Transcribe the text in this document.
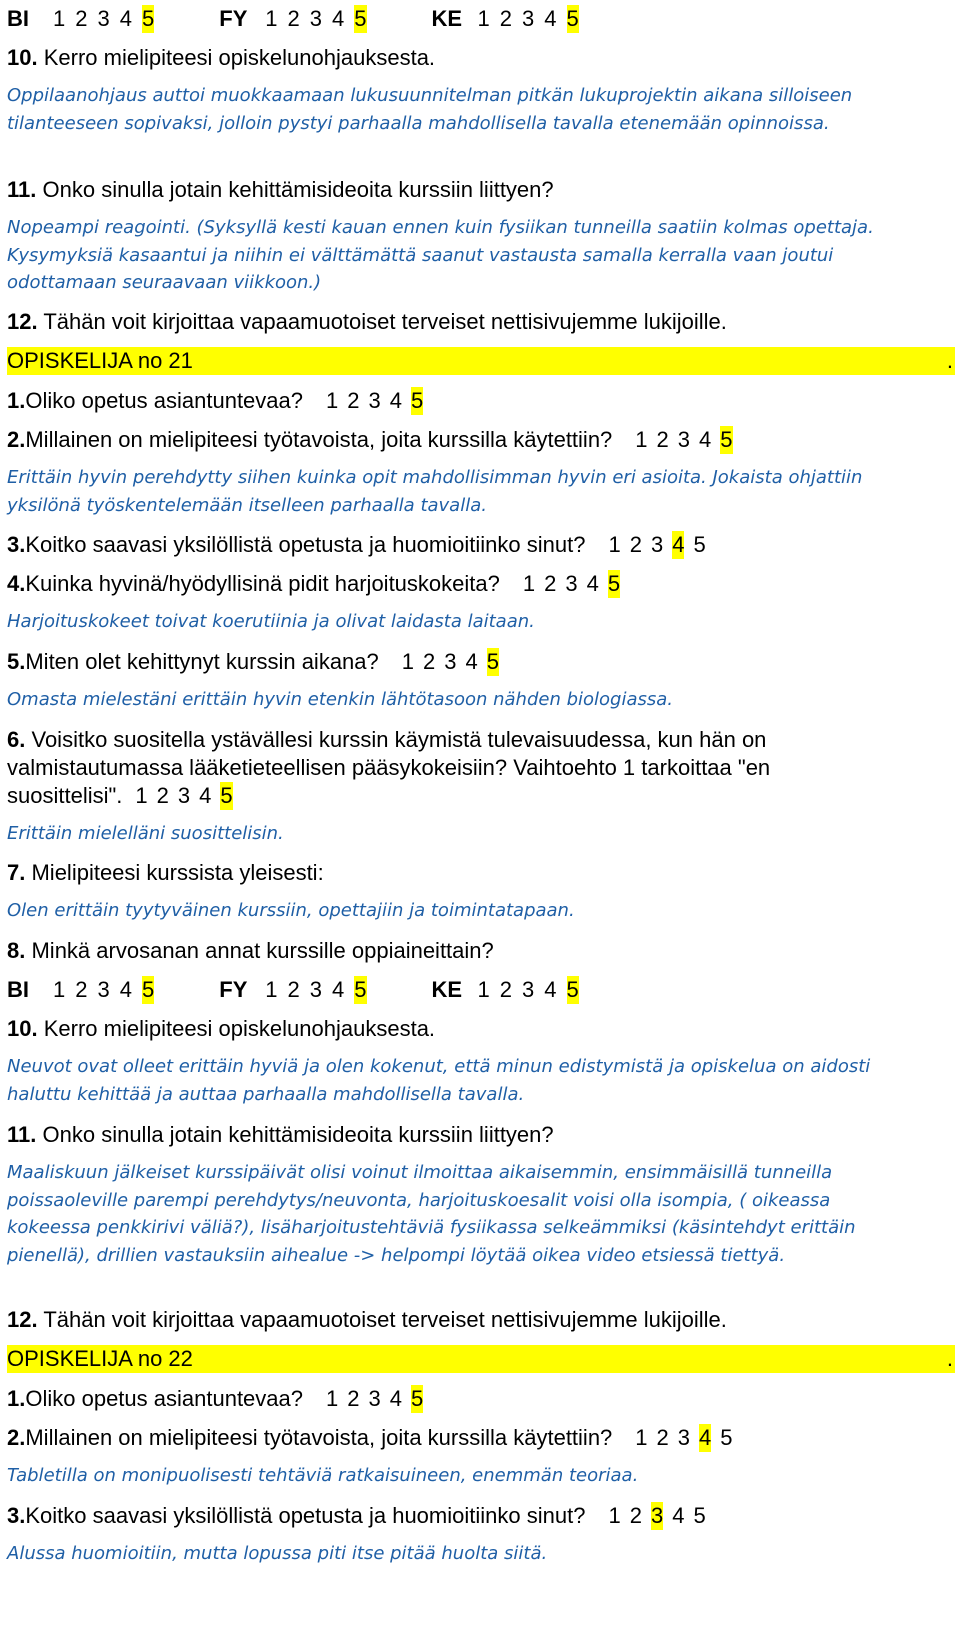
BI 1 2 3 4 5	FY 1 2 3 4 5	KE 1 2 3 4 5
10. Kerro mielipiteesi opiskelunohjauksesta.
Oppilaanohjaus auttoi muokkaamaan lukusuunnitelman pitkän lukuprojektin aikana silloiseen tilanteeseen sopivaksi, jolloin pystyi parhaalla mahdollisella tavalla etenemään opinnoissa.
11. Onko sinulla jotain kehittämisideoita kurssiin liittyen?
Nopeampi reagointi. (Syksyllä kesti kauan ennen kuin fysiikan tunneilla saatiin kolmas opettaja. Kysymyksiä kasaantui ja niihin ei välttämättä saanut vastausta samalla kerralla vaan joutui odottamaan seuraavaan viikkoon.)
12. Tähän voit kirjoittaa vapaamuotoiset terveiset nettisivujemme lukijoille.
OPISKELIJA no 21	.
1.Oliko opetus asiantuntevaa? 1 2 3 4 5
2.Millainen on mielipiteesi työtavoista, joita kurssilla käytettiin? 1 2 3 4 5
Erittäin hyvin perehdytty siihen kuinka opit mahdollisimman hyvin eri asioita. Jokaista ohjattiin yksilönä työskentelemään itselleen parhaalla tavalla.
3.Koitko saavasi yksilöllistä opetusta ja huomioitiinko sinut? 1 2 3 4 5
4.Kuinka hyvinä/hyödyllisinä pidit harjoituskokeita? 1 2 3 4 5
Harjoituskokeet toivat koerutiinia ja olivat laidasta laitaan.
5.Miten olet kehittynyt kurssin aikana? 1 2 3 4 5
Omasta mielestäni erittäin hyvin etenkin lähtötasoon nähden biologiassa.
6. Voisitko suositella ystävällesi kurssin käymistä tulevaisuudessa, kun hän on
valmistautumassa lääketieteellisen pääsykokeisiin? Vaihtoehto 1 tarkoittaa "en
suosittelisi". 1 2 3 4 5
Erittäin mielelläni suosittelisin.
7. Mielipiteesi kurssista yleisesti:
Olen erittäin tyytyväinen kurssiin, opettajiin ja toimintatapaan.
8. Minkä arvosanan annat kurssille oppiaineittain?
BI 1 2 3 4 5	FY 1 2 3 4 5	KE 1 2 3 4 5
10. Kerro mielipiteesi opiskelunohjauksesta.
Neuvot ovat olleet erittäin hyviä ja olen kokenut, että minun edistymistä ja opiskelua on aidosti haluttu kehittää ja auttaa parhaalla mahdollisella tavalla.
11. Onko sinulla jotain kehittämisideoita kurssiin liittyen?
Maaliskuun jälkeiset kurssipäivät olisi voinut ilmoittaa aikaisemmin, ensimmäisillä tunneilla poissaoleville parempi perehdytys/neuvonta, harjoituskoesalit voisi olla isompia, ( oikeassa kokeessa penkkirivi väliä?), lisäharjoitustehtäviä fysiikassa selkeämmiksi (käsintehdyt erittäin pienellä), drillien vastauksiin aihealue -> helpompi löytää oikea video etsiessä tiettyä.
12. Tähän voit kirjoittaa vapaamuotoiset terveiset nettisivujemme lukijoille.
OPISKELIJA no 22	.
1.Oliko opetus asiantuntevaa? 1 2 3 4 5
2.Millainen on mielipiteesi työtavoista, joita kurssilla käytettiin? 1 2 3 4 5
Tabletilla on monipuolisesti tehtäviä ratkaisuineen, enemmän teoriaa.
3.Koitko saavasi yksilöllistä opetusta ja huomioitiinko sinut? 1 2 3 4 5
Alussa huomioitiin, mutta lopussa piti itse pitää huolta siitä.
